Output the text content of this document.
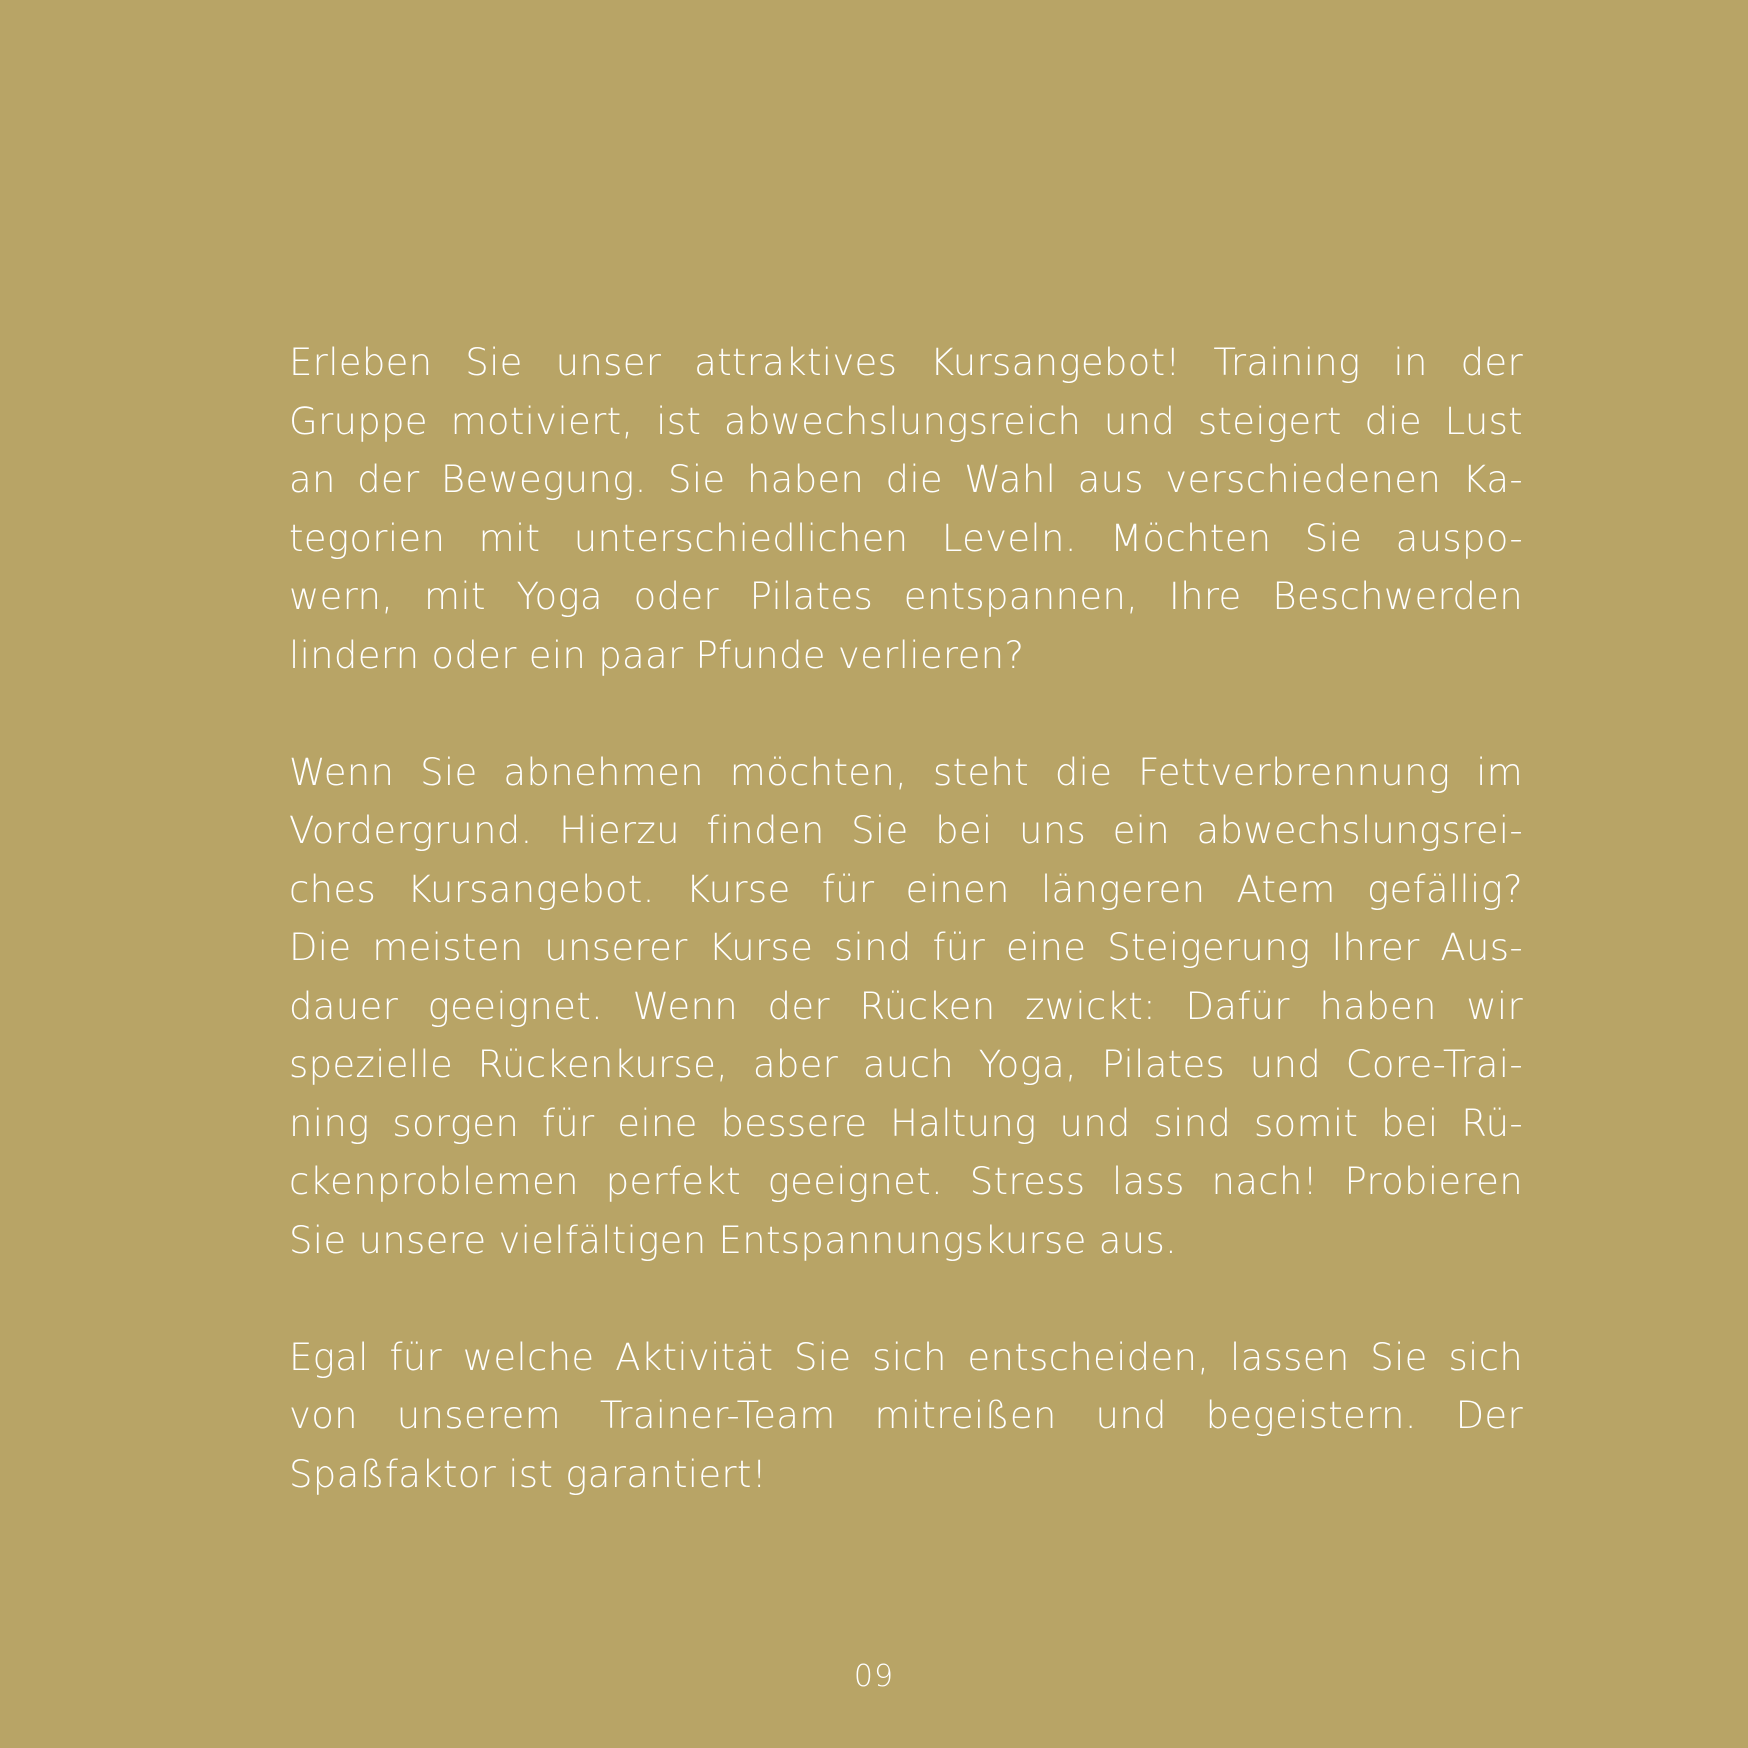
Erleben Sie unser attraktives Kursangebot! Training in der
Gruppe motiviert, ist abwechslungsreich und steigert die Lust
an der Bewegung. Sie haben die Wahl aus verschiedenen Ka-
tegorien mit unterschiedlichen Leveln. Möchten Sie auspo-
wern, mit Yoga oder Pilates entspannen, Ihre Beschwerden
lindern oder ein paar Pfunde verlieren?
Wenn Sie abnehmen möchten, steht die Fettverbrennung im
Vordergrund. Hierzu finden Sie bei uns ein abwechslungsrei-
ches Kursangebot. Kurse für einen längeren Atem gefällig?
Die meisten unserer Kurse sind für eine Steigerung Ihrer Aus-
dauer geeignet. Wenn der Rücken zwickt: Dafür haben wir
spezielle Rückenkurse, aber auch Yoga, Pilates und Core-Trai-
ning sorgen für eine bessere Haltung und sind somit bei Rü-
ckenproblemen perfekt geeignet. Stress lass nach! Probieren
Sie unsere vielfältigen Entspannungskurse aus.
Egal für welche Aktivität Sie sich entscheiden, lassen Sie sich
von unserem Trainer-Team mitreißen und begeistern. Der
Spaßfaktor ist garantiert!
09
